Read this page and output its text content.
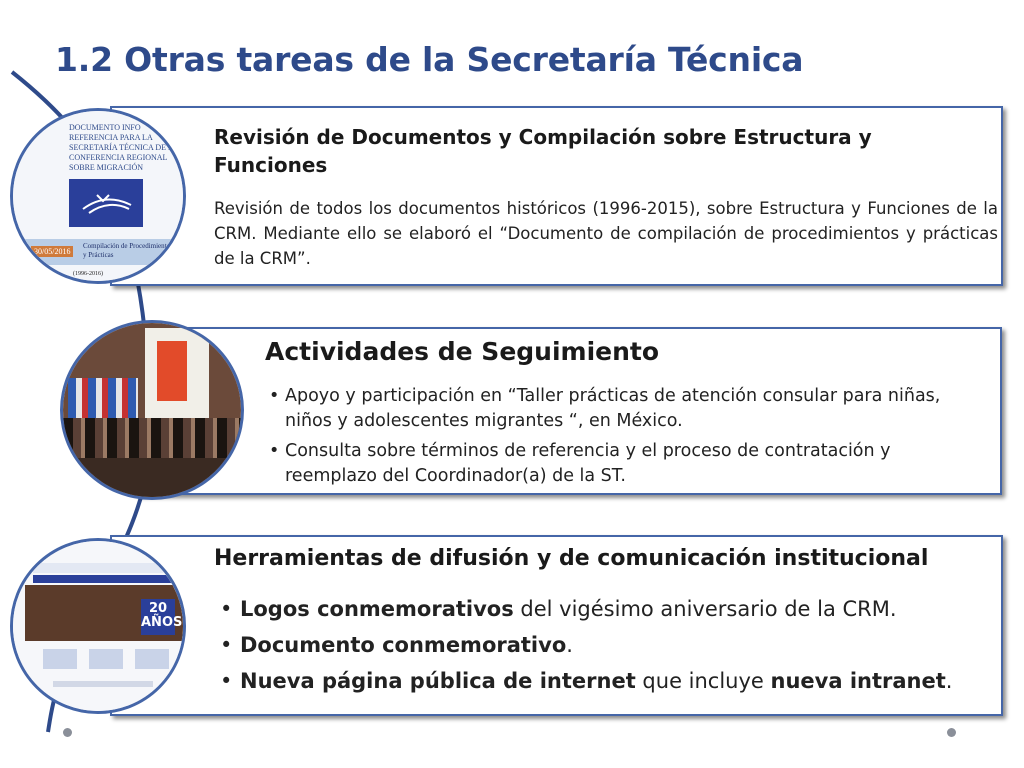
1.2 Otras tareas de la Secretaría Técnica
Revisión de Documentos y Compilación sobre Estructura y Funciones

Revisión de todos los documentos históricos (1996-2015), sobre Estructura y Funciones de la CRM. Mediante ello se elaboró el “Documento de compilación de procedimientos y prácticas de la CRM”.

Actividades de Seguimiento
• Apoyo y participación en “Taller prácticas de atención consular para niñas, niños y adolescentes migrantes “, en México.
• Consulta sobre términos de referencia y el proceso de contratación y reemplazo del Coordinador(a) de la ST.
Herramientas de difusión y de comunicación institucional
• Logos conmemorativos del vigésimo aniversario de la CRM.
• Documento conmemorativo.
• Nueva página pública de internet que incluye nueva intranet.
DOCUMENTO INFO
REFERENCIA PARA LA
SECRETARÍA TÉCNICA DE LA
CONFERENCIA REGIONAL
SOBRE MIGRACIÓN
30/05/2016
Compilación de Procedimientos y Prácticas
(1996-2016)
20 AÑOS
